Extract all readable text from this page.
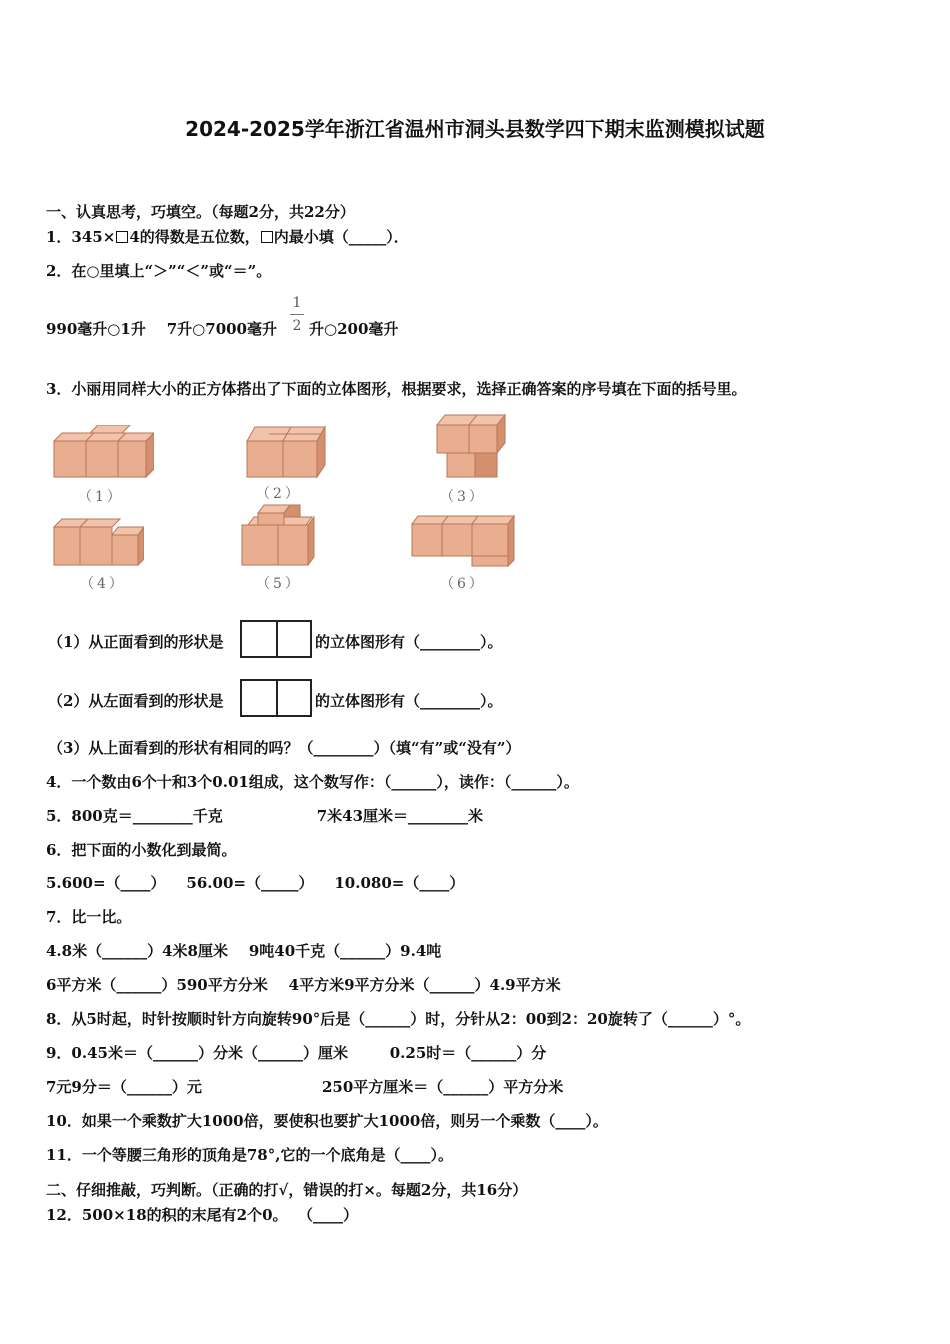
2024-2025学年浙江省温州市洞头县数学四下期末监测模拟试题
一、认真思考，巧填空。（每题2分，共22分）
1．345× 4的得数是五位数， 内最小填（_____）．
2．在○里填上“＞”“＜”或“＝”。
990毫升○1升    7升○7000毫升
1
2 升○200毫升
3．小丽用同样大小的正方体搭出了下面的立体图形，根据要求，选择正确答案的序号填在下面的括号里。
（1）	（2）	（3）
（4）	（5）	（6）
（1）从正面看到的形状是	的立体图形有（________）。
（2）从左面看到的形状是	的立体图形有（________）。
（3）从上面看到的形状有相同的吗？（________）（填“有”或“没有”）
4．一个数由6个十和3个0.01组成，这个数写作：（______），读作：（______）。
5．800克＝________千克                  7米43厘米＝________米
6．把下面的小数化到最简。
5.600=（____）    56.00=（_____）    10.080=（____）
7．比一比。
4.8米（______）4米8厘米    9吨40千克（______）9.4吨
6平方米（______）590平方分米    4平方米9平方分米（______）4.9平方米
8．从5时起，时针按顺时针方向旋转90°后是（______）时，分针从2：00到2：20旋转了（______）°。
9．0.45米＝（______）分米（______）厘米        0.25时＝（______）分
7元9分＝（______）元                       250平方厘米＝（______）平方分米
10．如果一个乘数扩大1000倍，要使积也要扩大1000倍，则另一个乘数（____）。
11．一个等腰三角形的顶角是78°,它的一个底角是（____）。
二、仔细推敲，巧判断。（正确的打√，错误的打×。每题2分，共16分）
12．500×18的积的末尾有2个0。  （____）
